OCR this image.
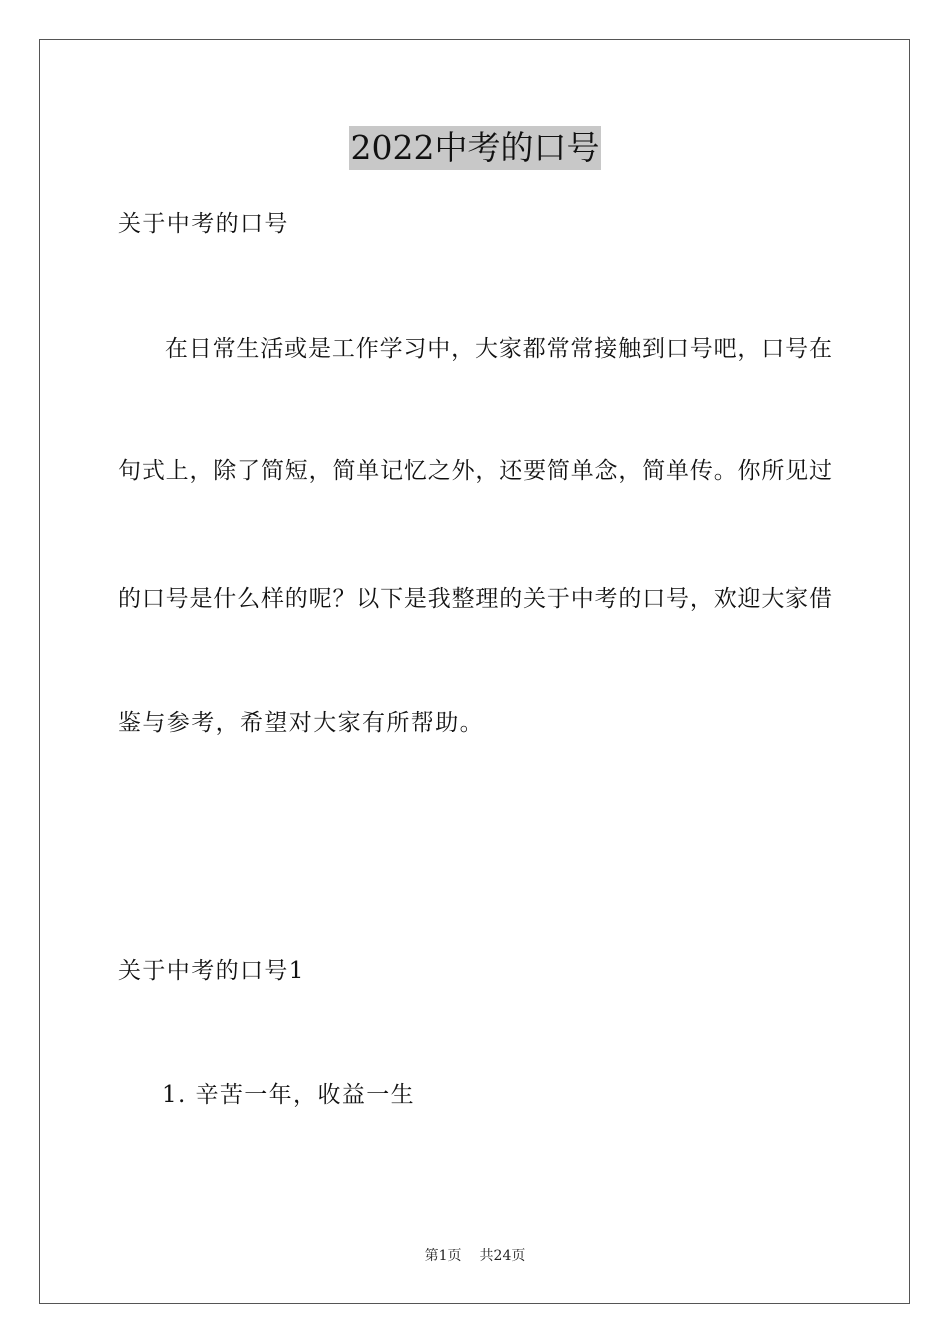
2022中考的口号
关于中考的口号
在日常生活或是工作学习中，大家都常常接触到口号吧，口号在
句式上，除了简短，简单记忆之外，还要简单念，简单传。你所见过
的口号是什么样的呢？以下是我整理的关于中考的口号，欢迎大家借
鉴与参考，希望对大家有所帮助。
关于中考的口号1
1. 辛苦一年，收益一生
第1页 共24页
